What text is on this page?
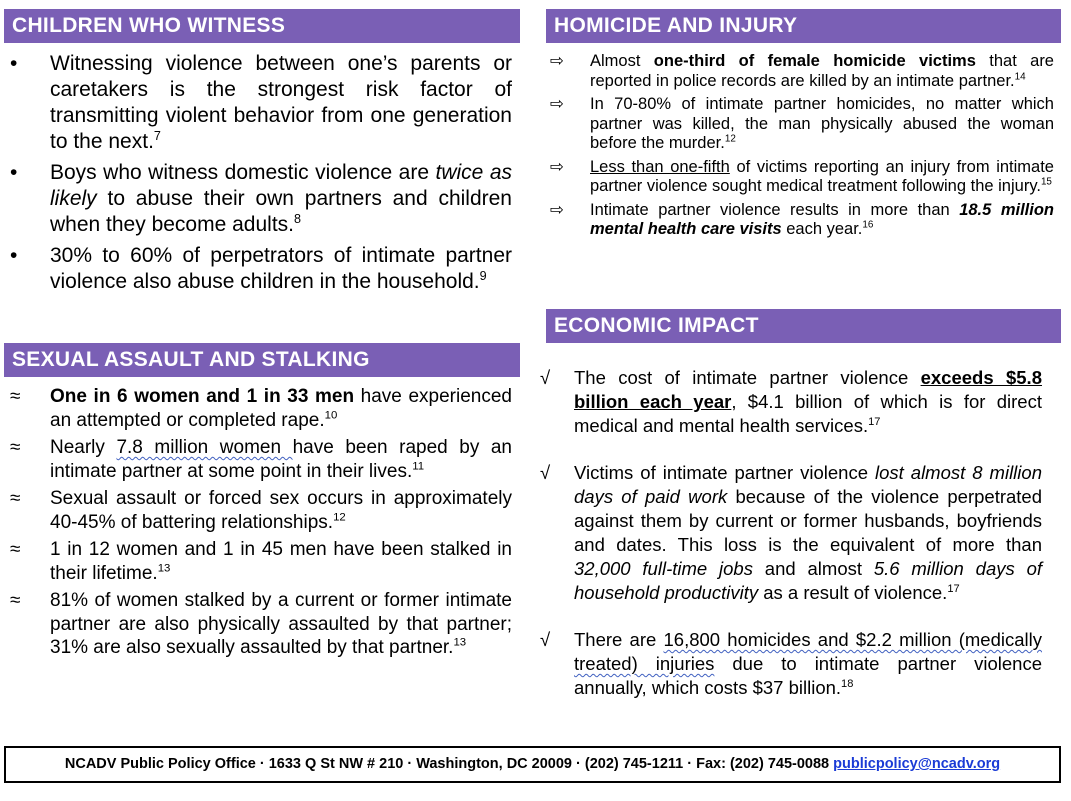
CHILDREN WHO WITNESS
• Witnessing violence between one’s parents or caretakers is the strongest risk factor of transmitting violent behavior from one generation to the next.$^7$
• Boys who witness domestic violence are twice as likely to abuse their own partners and children when they become adults.$^8$
• 30% to 60% of perpetrators of intimate partner violence also abuse children in the household.$^9$
SEXUAL ASSAULT AND STALKING
≈ One in 6 women and 1 in 33 men have experienced an attempted or completed rape.$^{10}$
≈ Nearly 7.8 million women have been raped by an intimate partner at some point in their lives.$^{11}$
≈ Sexual assault or forced sex occurs in approximately 40-45% of battering relationships.$^{12}$
≈ 1 in 12 women and 1 in 45 men have been stalked in their lifetime.$^{13}$
≈ 81% of women stalked by a current or former intimate partner are also physically assaulted by that partner; 31% are also sexually assaulted by that partner.$^{13}$
HOMICIDE AND INJURY
⇨ Almost one-third of female homicide victims that are reported in police records are killed by an intimate partner.$^{14}$
⇨ In 70-80% of intimate partner homicides, no matter which partner was killed, the man physically abused the woman before the murder.$^{12}$
⇨ Less than one-fifth of victims reporting an injury from intimate partner violence sought medical treatment following the injury.$^{15}$
⇨ Intimate partner violence results in more than 18.5 million mental health care visits each year.$^{16}$
ECONOMIC IMPACT
√ The cost of intimate partner violence exceeds $5.8 billion each year, $4.1 billion of which is for direct medical and mental health services.$^{17}$
√ Victims of intimate partner violence lost almost 8 million days of paid work because of the violence perpetrated against them by current or former husbands, boyfriends and dates. This loss is the equivalent of more than 32,000 full-time jobs and almost 5.6 million days of household productivity as a result of violence.$^{17}$
√ There are 16,800 homicides and $2.2 million (medically treated) injuries due to intimate partner violence annually, which costs $37 billion.$^{18}$
NCADV Public Policy Office · 1633 Q St NW # 210 · Washington, DC 20009 · (202) 745-1211 · Fax: (202) 745-0088 publicpolicy@ncadv.org
